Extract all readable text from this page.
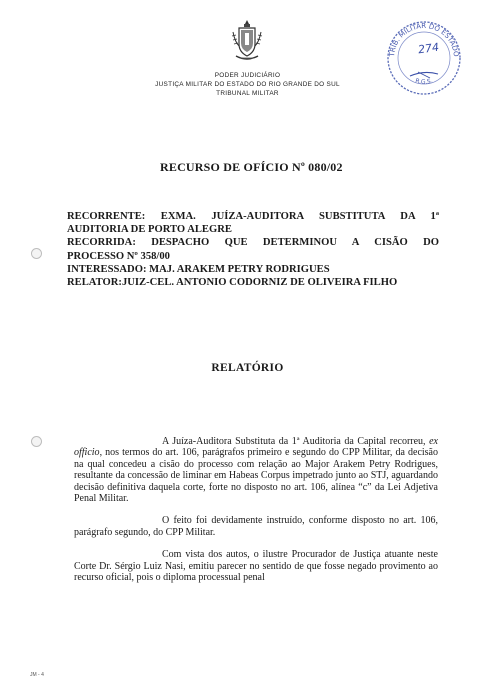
PODER JUDICIÁRIO
JUSTIÇA MILITAR DO ESTADO DO RIO GRANDE DO SUL
TRIBUNAL MILITAR
TRIB. MILITAR DO ESTADO
R.G.S.
274
RECURSO DE OFÍCIO Nº 080/02

RECORRENTE: EXMA. JUÍZA-AUDITORA SUBSTITUTA DA 1ª

AUDITORIA DE PORTO ALEGRE

RECORRIDA: DESPACHO QUE DETERMINOU A CISÃO DO

PROCESSO Nº 358/00

INTERESSADO: MAJ. ARAKEM PETRY RODRIGUES

RELATOR:JUIZ-CEL. ANTONIO CODORNIZ DE OLIVEIRA FILHO

RELATÓRIO

A Juíza-Auditora Substituta da 1ª Auditoria da Capital recorreu, ex officio, nos termos do art. 106, parágrafos primeiro e segundo do CPP Militar, da decisão na qual concedeu a cisão do processo com relação ao Major Arakem Petry Rodrigues, resultante da concessão de liminar em Habeas Corpus impetrado junto ao STJ, aguardando decisão definitiva daquela corte, forte no disposto no art. 106, alínea “c” da Lei Adjetiva Penal Militar.

O feito foi devidamente instruído, conforme disposto no art. 106, parágrafo segundo, do CPP Militar.

Com vista dos autos, o ilustre Procurador de Justiça atuante neste Corte Dr. Sérgio Luiz Nasi, emitiu parecer no sentido de que fosse negado provimento ao recurso oficial, pois o diploma processual penal

JM - 4
